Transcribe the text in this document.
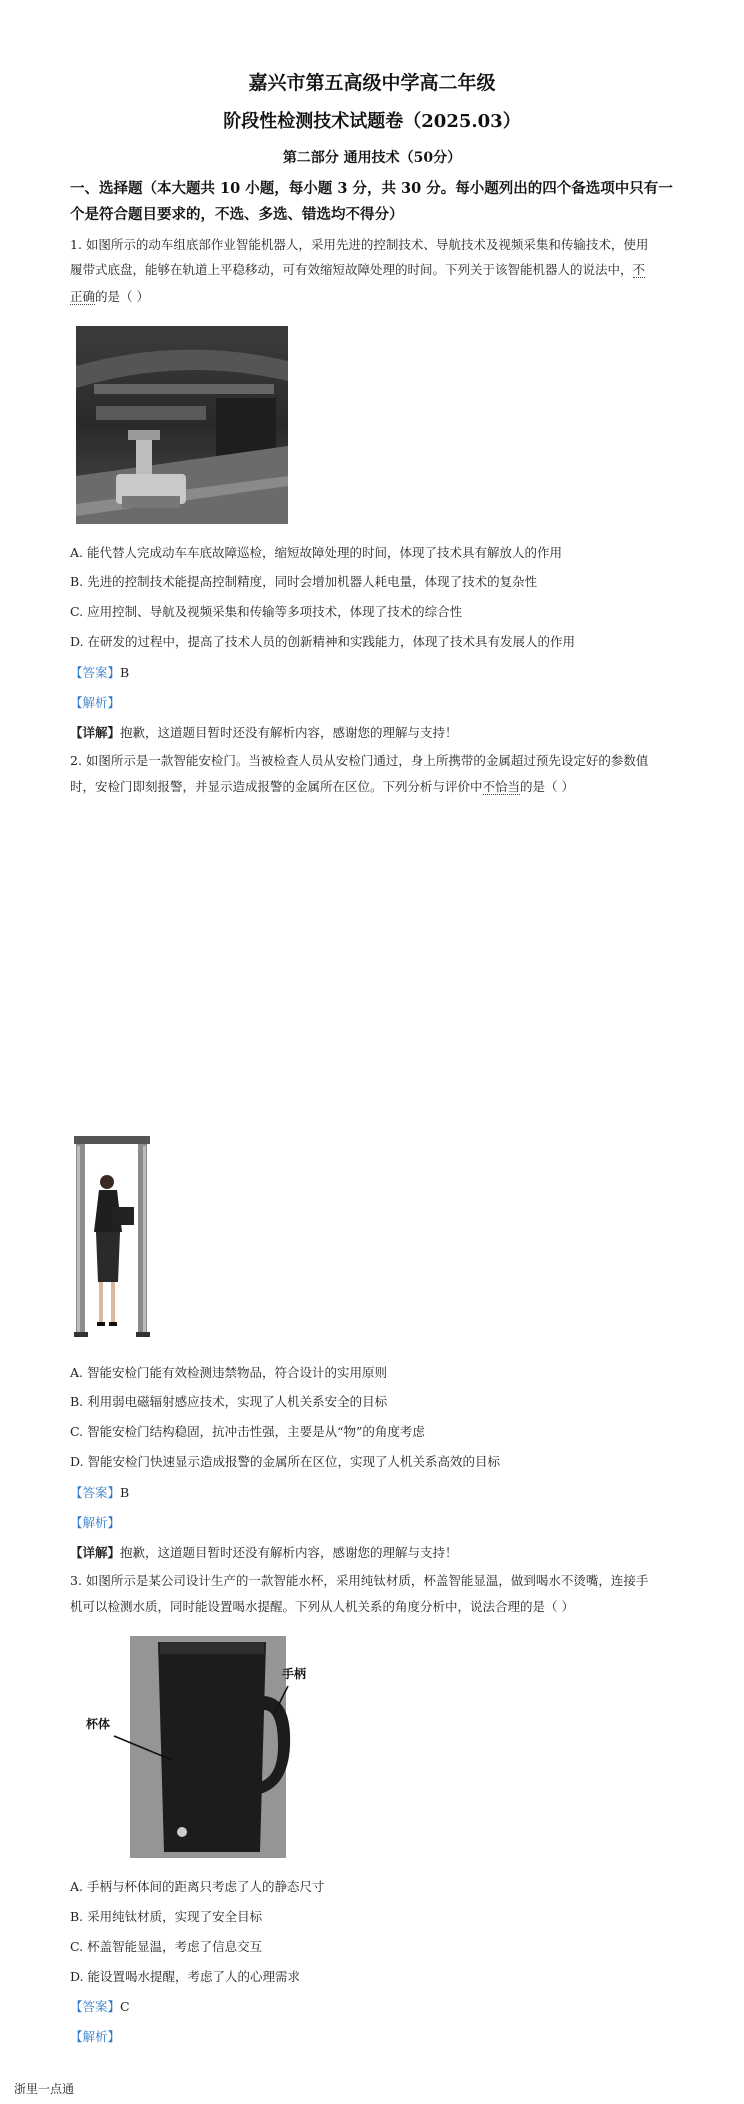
嘉兴市第五高级中学高二年级
阶段性检测技术试题卷（2025.03）
第二部分 通用技术（50分）
一、选择题（本大题共 10 小题，每小题 3 分，共 30 分。每小题列出的四个备选项中只有一
个是符合题目要求的，不选、多选、错选均不得分）
1. 如图所示的动车组底部作业智能机器人，采用先进的控制技术、导航技术及视频采集和传输技术，使用
履带式底盘，能够在轨道上平稳移动，可有效缩短故障处理的时间。下列关于该智能机器人的说法中，不
正确的是（ ）
A. 能代替人完成动车车底故障巡检，缩短故障处理的时间，体现了技术具有解放人的作用
B. 先进的控制技术能提高控制精度，同时会增加机器人耗电量，体现了技术的复杂性
C. 应用控制、导航及视频采集和传输等多项技术，体现了技术的综合性
D. 在研发的过程中，提高了技术人员的创新精神和实践能力，体现了技术具有发展人的作用
【答案】B
【解析】
【详解】抱歉，这道题目暂时还没有解析内容，感谢您的理解与支持！
2. 如图所示是一款智能安检门。当被检查人员从安检门通过，身上所携带的金属超过预先设定好的参数值
时，安检门即刻报警，并显示造成报警的金属所在区位。下列分析与评价中不恰当的是（ ）
A. 智能安检门能有效检测违禁物品，符合设计的实用原则
B. 利用弱电磁辐射感应技术，实现了人机关系安全的目标
C. 智能安检门结构稳固，抗冲击性强，主要是从“物”的角度考虑
D. 智能安检门快速显示造成报警的金属所在区位，实现了人机关系高效的目标
【答案】B
【解析】
【详解】抱歉，这道题目暂时还没有解析内容，感谢您的理解与支持！
3. 如图所示是某公司设计生产的一款智能水杯，采用纯钛材质，杯盖智能显温，做到喝水不烫嘴，连接手
机可以检测水质，同时能设置喝水提醒。下列从人机关系的角度分析中，说法合理的是（ ）
杯体
手柄
A. 手柄与杯体间的距离只考虑了人的静态尺寸
B. 采用纯钛材质，实现了安全目标
C. 杯盖智能显温，考虑了信息交互
D. 能设置喝水提醒，考虑了人的心理需求
【答案】C
【解析】
浙里一点通
